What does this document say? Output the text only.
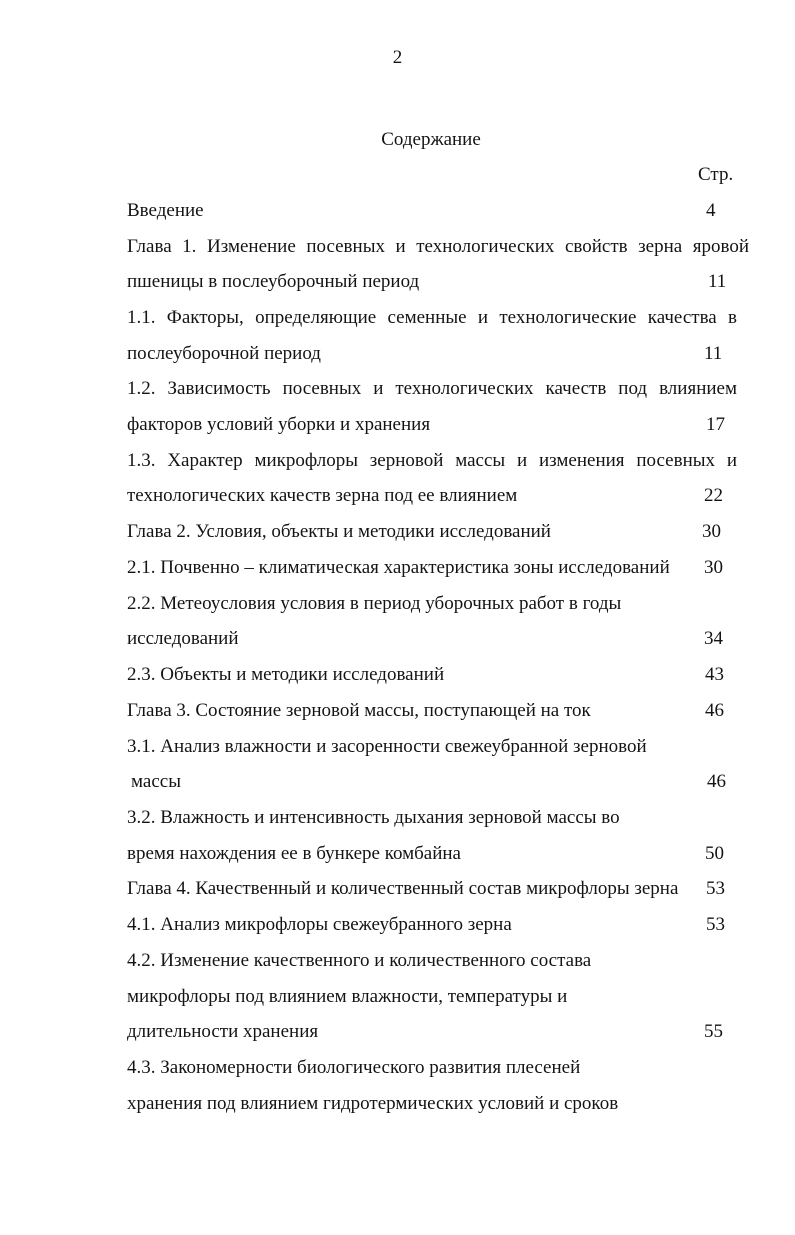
2
Содержание
Стр.
Введение	4
Глава 1. Изменение посевных и технологических свойств зерна яровой
пшеницы в послеуборочный период	11
1.1. Факторы, определяющие семенные и технологические качества в
послеуборочной период	11
1.2. Зависимость посевных и технологических качеств под влиянием
факторов условий уборки и хранения	17
1.3. Характер микрофлоры зерновой массы и изменения посевных и
технологических качеств зерна под ее влиянием	22
Глава 2. Условия, объекты и методики исследований	30
2.1. Почвенно – климатическая характеристика зоны исследований 30
2.2. Метеоусловия условия в период уборочных работ в годы
исследований	34
2.3. Объекты и методики исследований	43
Глава 3. Состояние зерновой массы, поступающей на ток	46
3.1. Анализ влажности и засоренности свежеубранной зерновой
массы	46
3.2. Влажность и интенсивность дыхания зерновой массы во
время нахождения ее в бункере комбайна	50
Глава 4. Качественный и количественный состав микрофлоры зерна 53
4.1. Анализ микрофлоры свежеубранного зерна	53
4.2. Изменение качественного и количественного состава
микрофлоры под влиянием влажности, температуры и
длительности хранения	55
4.3. Закономерности биологического развития плесеней
хранения под влиянием гидротермических условий и сроков
